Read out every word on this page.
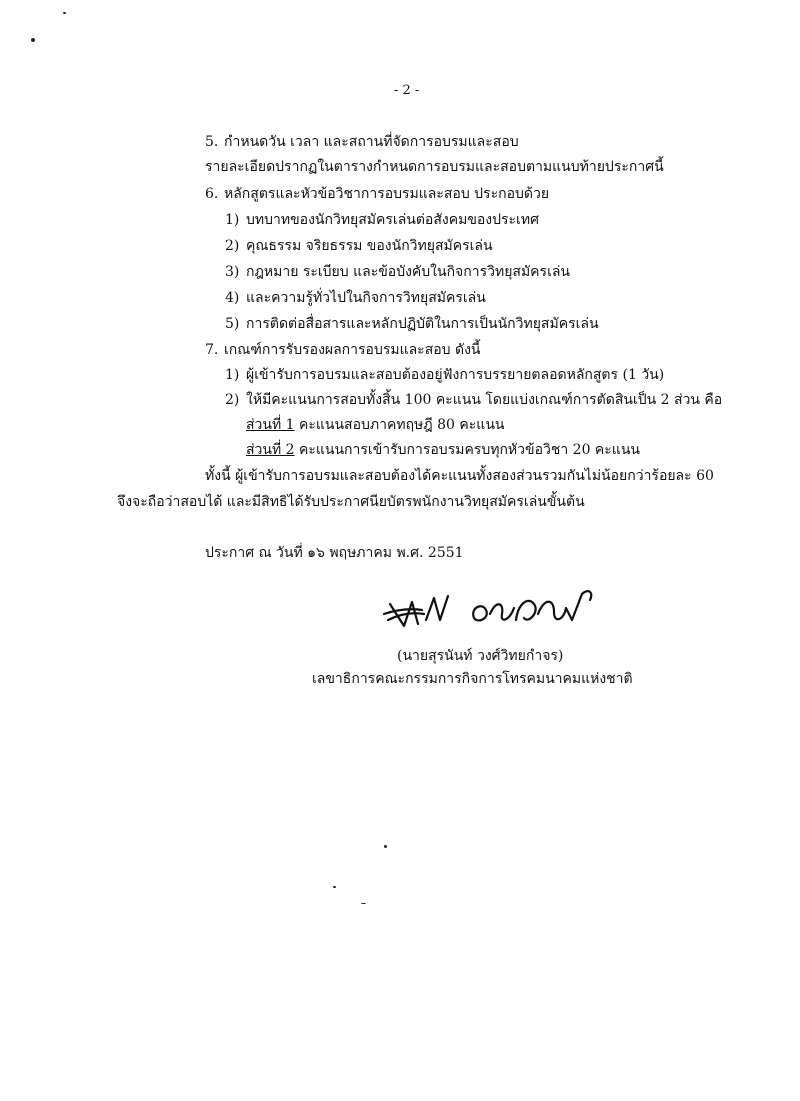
- 2 -
5. กำหนดวัน เวลา และสถานที่จัดการอบรมและสอบ
รายละเอียดปรากฏในตารางกำหนดการอบรมและสอบตามแนบท้ายประกาศนี้
6. หลักสูตรและหัวข้อวิชาการอบรมและสอบ ประกอบด้วย
1) บทบาทของนักวิทยุสมัครเล่นต่อสังคมของประเทศ
2) คุณธรรม จริยธรรม ของนักวิทยุสมัครเล่น
3) กฎหมาย ระเบียบ และข้อบังคับในกิจการวิทยุสมัครเล่น
4) และความรู้ทั่วไปในกิจการวิทยุสมัครเล่น
5) การติดต่อสื่อสารและหลักปฏิบัติในการเป็นนักวิทยุสมัครเล่น
7. เกณฑ์การรับรองผลการอบรมและสอบ ดังนี้
1) ผู้เข้ารับการอบรมและสอบต้องอยู่ฟังการบรรยายตลอดหลักสูตร (1 วัน)
2) ให้มีคะแนนการสอบทั้งสิ้น 100 คะแนน โดยแบ่งเกณฑ์การตัดสินเป็น 2 ส่วน คือ
ส่วนที่ 1 คะแนนสอบภาคทฤษฎี 80 คะแนน
ส่วนที่ 2 คะแนนการเข้ารับการอบรมครบทุกหัวข้อวิชา 20 คะแนน
ทั้งนี้ ผู้เข้ารับการอบรมและสอบต้องได้คะแนนทั้งสองส่วนรวมกันไม่น้อยกว่าร้อยละ 60
จึงจะถือว่าสอบได้ และมีสิทธิได้รับประกาศนียบัตรพนักงานวิทยุสมัครเล่นขั้นต้น
ประกาศ ณ วันที่ ๑๖ พฤษภาคม พ.ศ. 2551
(นายสุรนันท์ วงศ์วิทยกำจร)
เลขาธิการคณะกรรมการกิจการโทรคมนาคมแห่งชาติ
